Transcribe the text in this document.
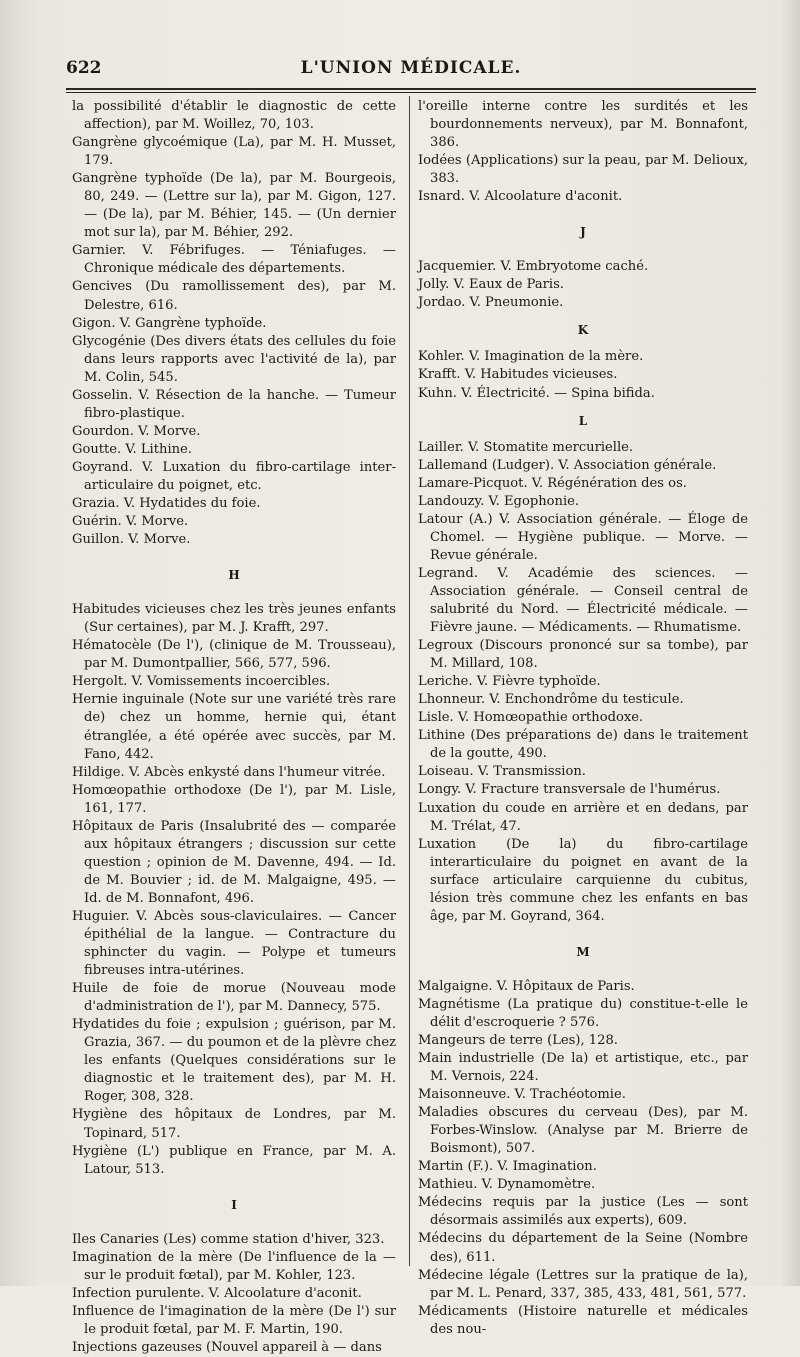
622	L'UNION MÉDICALE.
la possibilité d'établir le diagnostic de cette affection), par M. Woillez, 70, 103.
Gangrène glycoémique (La), par M. H. Musset, 179.
Gangrène typhoïde (De la), par M. Bourgeois, 80, 249. — (Lettre sur la), par M. Gigon, 127. — (De la), par M. Béhier, 145. — (Un dernier mot sur la), par M. Béhier, 292.
Garnier. V. Fébrifuges. — Téniafuges. — Chronique médicale des départements.
Gencives (Du ramollissement des), par M. Delestre, 616.
Gigon. V. Gangrène typhoïde.
Glycogénie (Des divers états des cellules du foie dans leurs rapports avec l'activité de la), par M. Colin, 545.
Gosselin. V. Résection de la hanche. — Tumeur fibro-plastique.
Gourdon. V. Morve.
Goutte. V. Lithine.
Goyrand. V. Luxation du fibro-cartilage inter-articulaire du poignet, etc.
Grazia. V. Hydatides du foie.
Guérin. V. Morve.
Guillon. V. Morve.
H
Habitudes vicieuses chez les très jeunes enfants (Sur certaines), par M. J. Krafft, 297.
Hématocèle (De l'), (clinique de M. Trousseau), par M. Dumontpallier, 566, 577, 596.
Hergolt. V. Vomissements incoercibles.
Hernie inguinale (Note sur une variété très rare de) chez un homme, hernie qui, étant étranglée, a été opérée avec succès, par M. Fano, 442.
Hildige. V. Abcès enkysté dans l'humeur vitrée.
Homœopathie orthodoxe (De l'), par M. Lisle, 161, 177.
Hôpitaux de Paris (Insalubrité des — comparée aux hôpitaux étrangers ; discussion sur cette question ; opinion de M. Davenne, 494. — Id. de M. Bouvier ; id. de M. Malgaigne, 495. — Id. de M. Bonnafont, 496.
Huguier. V. Abcès sous-claviculaires. — Cancer épithélial de la langue. — Contracture du sphincter du vagin. — Polype et tumeurs fibreuses intra-utérines.
Huile de foie de morue (Nouveau mode d'administration de l'), par M. Dannecy, 575.
Hydatides du foie ; expulsion ; guérison, par M. Grazia, 367. — du poumon et de la plèvre chez les enfants (Quelques considérations sur le diagnostic et le traitement des), par M. H. Roger, 308, 328.
Hygiène des hôpitaux de Londres, par M. Topinard, 517.
Hygiène (L') publique en France, par M. A. Latour, 513.
I
Iles Canaries (Les) comme station d'hiver, 323.
Imagination de la mère (De l'influence de la — sur le produit fœtal), par M. Kohler, 123.
Infection purulente. V. Alcoolature d'aconit.
Influence de l'imagination de la mère (De l') sur le produit fœtal, par M. F. Martin, 190.
Injections gazeuses (Nouvel appareil à — dans
l'oreille interne contre les surdités et les bourdonnements nerveux), par M. Bonnafont, 386.
Iodées (Applications) sur la peau, par M. Delioux, 383.
Isnard. V. Alcoolature d'aconit.
J
Jacquemier. V. Embryotome caché.
Jolly. V. Eaux de Paris.
Jordao. V. Pneumonie.
K
Kohler. V. Imagination de la mère.
Krafft. V. Habitudes vicieuses.
Kuhn. V. Électricité. — Spina bifida.
L
Lailler. V. Stomatite mercurielle.
Lallemand (Ludger). V. Association générale.
Lamare-Picquot. V. Régénération des os.
Landouzy. V. Egophonie.
Latour (A.) V. Association générale. — Éloge de Chomel. — Hygiène publique. — Morve. — Revue générale.
Legrand. V. Académie des sciences. — Association générale. — Conseil central de salubrité du Nord. — Électricité médicale. — Fièvre jaune. — Médicaments. — Rhumatisme.
Legroux (Discours prononcé sur sa tombe), par M. Millard, 108.
Leriche. V. Fièvre typhoïde.
Lhonneur. V. Enchondrôme du testicule.
Lisle. V. Homœopathie orthodoxe.
Lithine (Des préparations de) dans le traitement de la goutte, 490.
Loiseau. V. Transmission.
Longy. V. Fracture transversale de l'humérus.
Luxation du coude en arrière et en dedans, par M. Trélat, 47.
Luxation (De la) du fibro-cartilage interarticulaire du poignet en avant de la surface articulaire carquienne du cubitus, lésion très commune chez les enfants en bas âge, par M. Goyrand, 364.
M
Malgaigne. V. Hôpitaux de Paris.
Magnétisme (La pratique du) constitue-t-elle le délit d'escroquerie ? 576.
Mangeurs de terre (Les), 128.
Main industrielle (De la) et artistique, etc., par M. Vernois, 224.
Maisonneuve. V. Trachéotomie.
Maladies obscures du cerveau (Des), par M. Forbes-Winslow. (Analyse par M. Brierre de Boismont), 507.
Martin (F.). V. Imagination.
Mathieu. V. Dynamomètre.
Médecins requis par la justice (Les — sont désormais assimilés aux experts), 609.
Médecins du département de la Seine (Nombre des), 611.
Médecine légale (Lettres sur la pratique de la), par M. L. Penard, 337, 385, 433, 481, 561, 577.
Médicaments (Histoire naturelle et médicales des nou-
